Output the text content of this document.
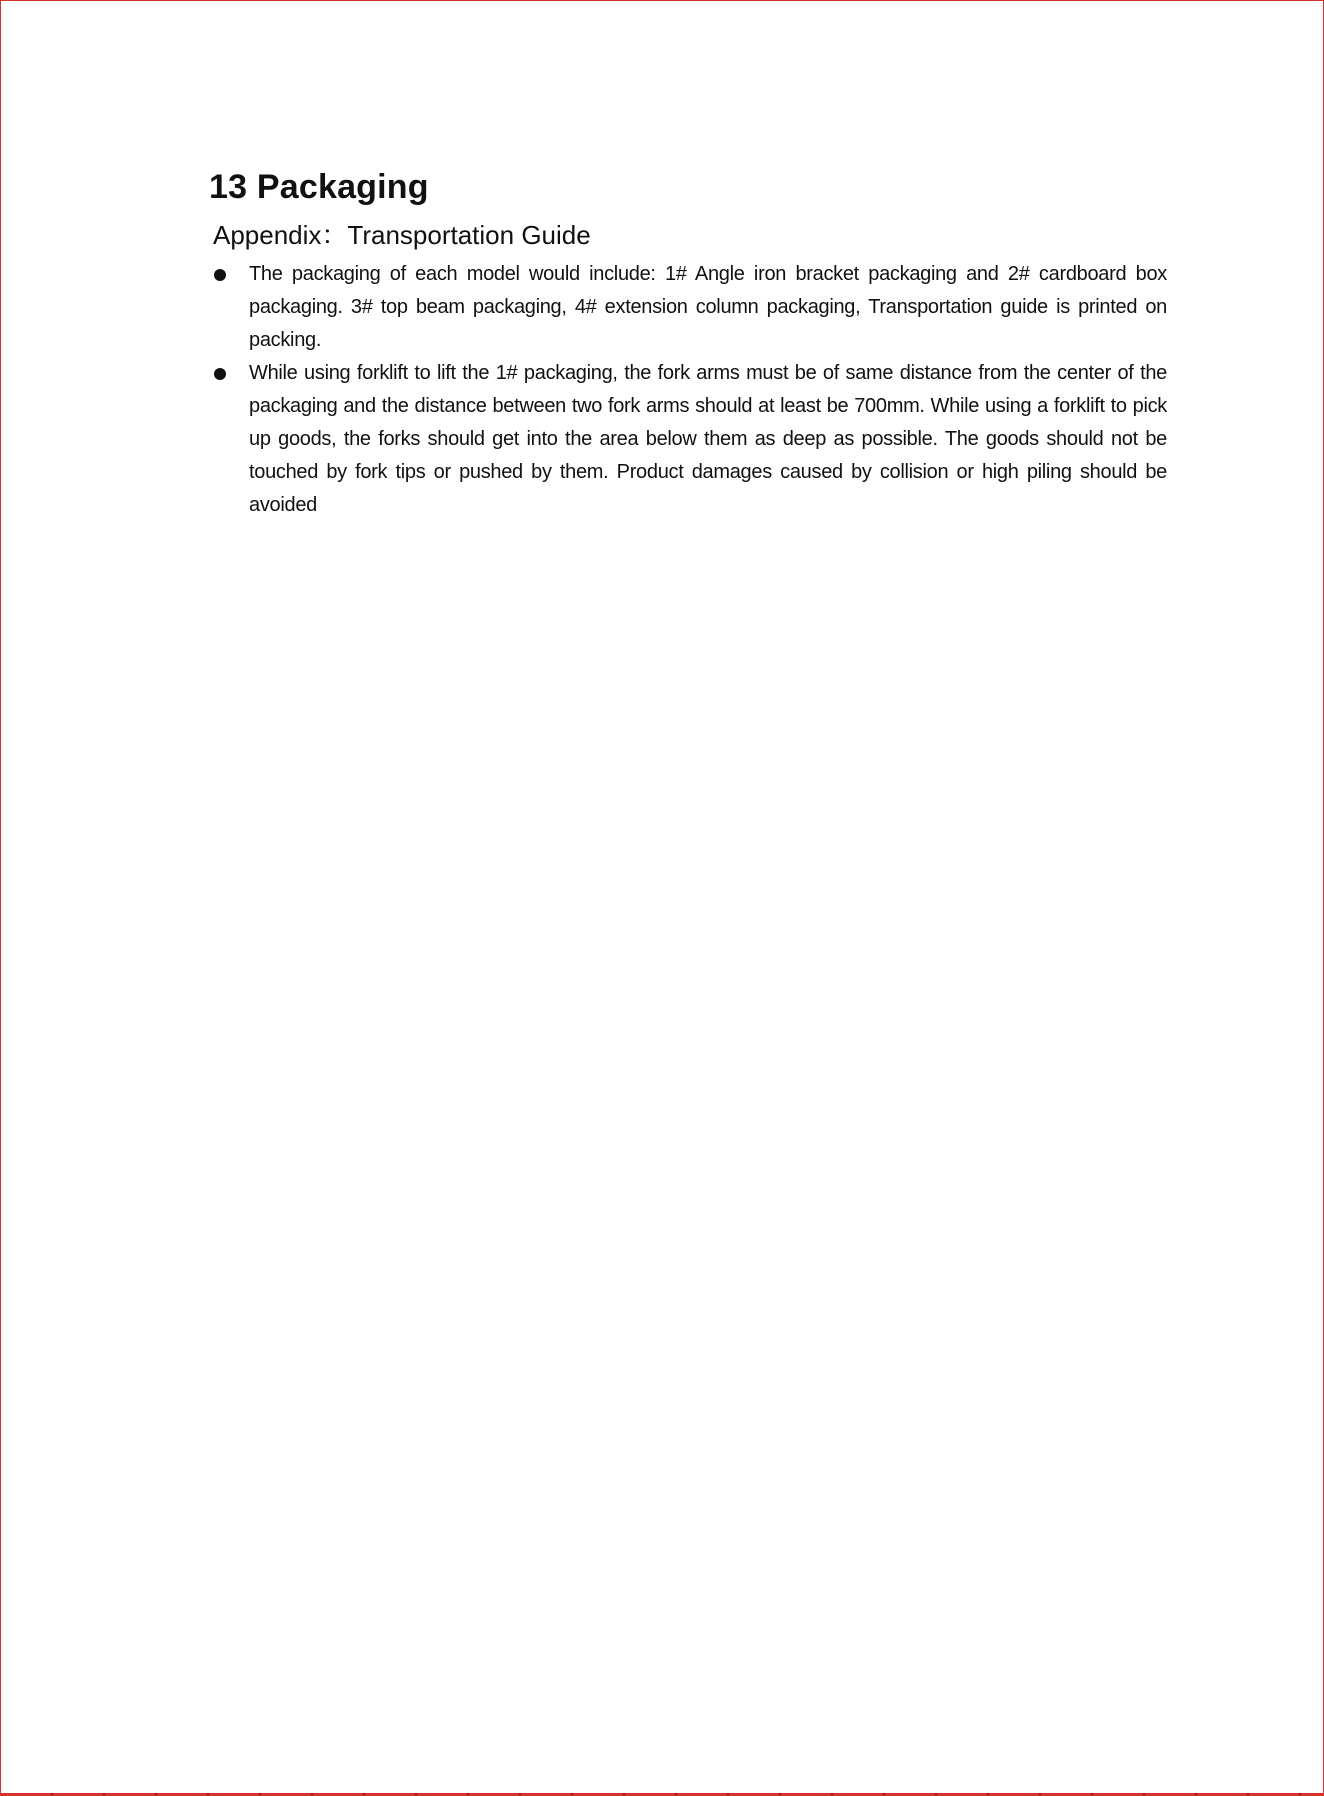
13 Packaging
Appendix：Transportation Guide
The packaging of each model would include: 1# Angle iron bracket packaging and 2# cardboard box packaging. 3# top beam packaging, 4# extension column packaging, Transportation guide is printed on packing.
While using forklift to lift the 1# packaging, the fork arms must be of same distance from the center of the packaging and the distance between two fork arms should at least be 700mm. While using a forklift to pick up goods, the forks should get into the area below them as deep as possible. The goods should not be touched by fork tips or pushed by them. Product damages caused by collision or high piling should be avoided
